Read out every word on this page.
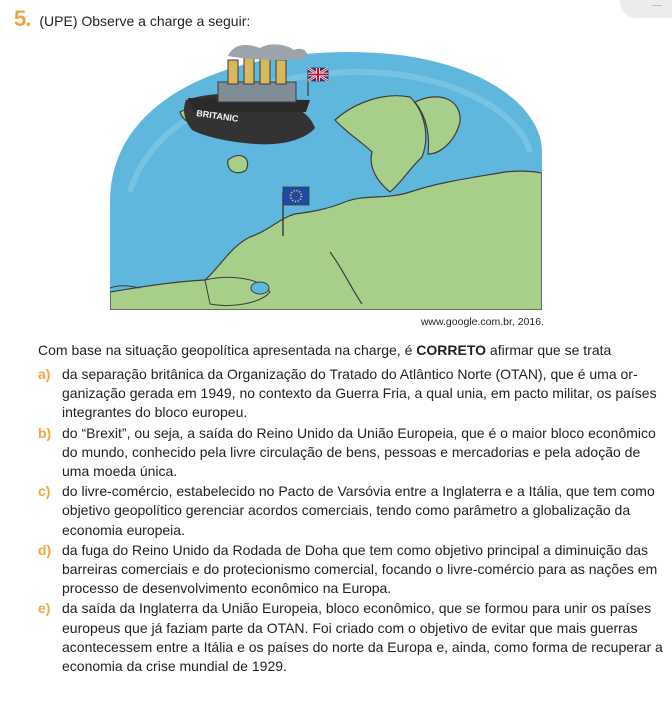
5 . (UPE) Observe a charge a seguir:
BRITANIC
www.google.com.br, 2016.
Com base na situação geopolítica apresentada na charge, é CORRETO afirmar que se trata
a) da separação britânica da Organização do Tratado do Atlântico Norte (OTAN), que é uma or-
ganização gerada em 1949, no contexto da Guerra Fria, a qual unia, em pacto militar, os países
integrantes do bloco europeu.
b) do “Brexit”, ou seja, a saída do Reino Unido da União Europeia, que é o maior bloco econômico
do mundo, conhecido pela livre circulação de bens, pessoas e mercadorias e pela adoção de
uma moeda única.
c) do livre-comércio, estabelecido no Pacto de Varsóvia entre a Inglaterra e a Itália, que tem como
objetivo geopolítico gerenciar acordos comerciais, tendo como parâmetro a globalização da
economia europeia.
d) da fuga do Reino Unido da Rodada de Doha que tem como objetivo principal a diminuição das
barreiras comerciais e do protecionismo comercial, focando o livre-comércio para as nações em
processo de desenvolvimento econômico na Europa.
e) da saída da Inglaterra da União Europeia, bloco econômico, que se formou para unir os países
europeus que já faziam parte da OTAN. Foi criado com o objetivo de evitar que mais guerras
acontecessem entre a Itália e os países do norte da Europa e, ainda, como forma de recuperar a
economia da crise mundial de 1929.
